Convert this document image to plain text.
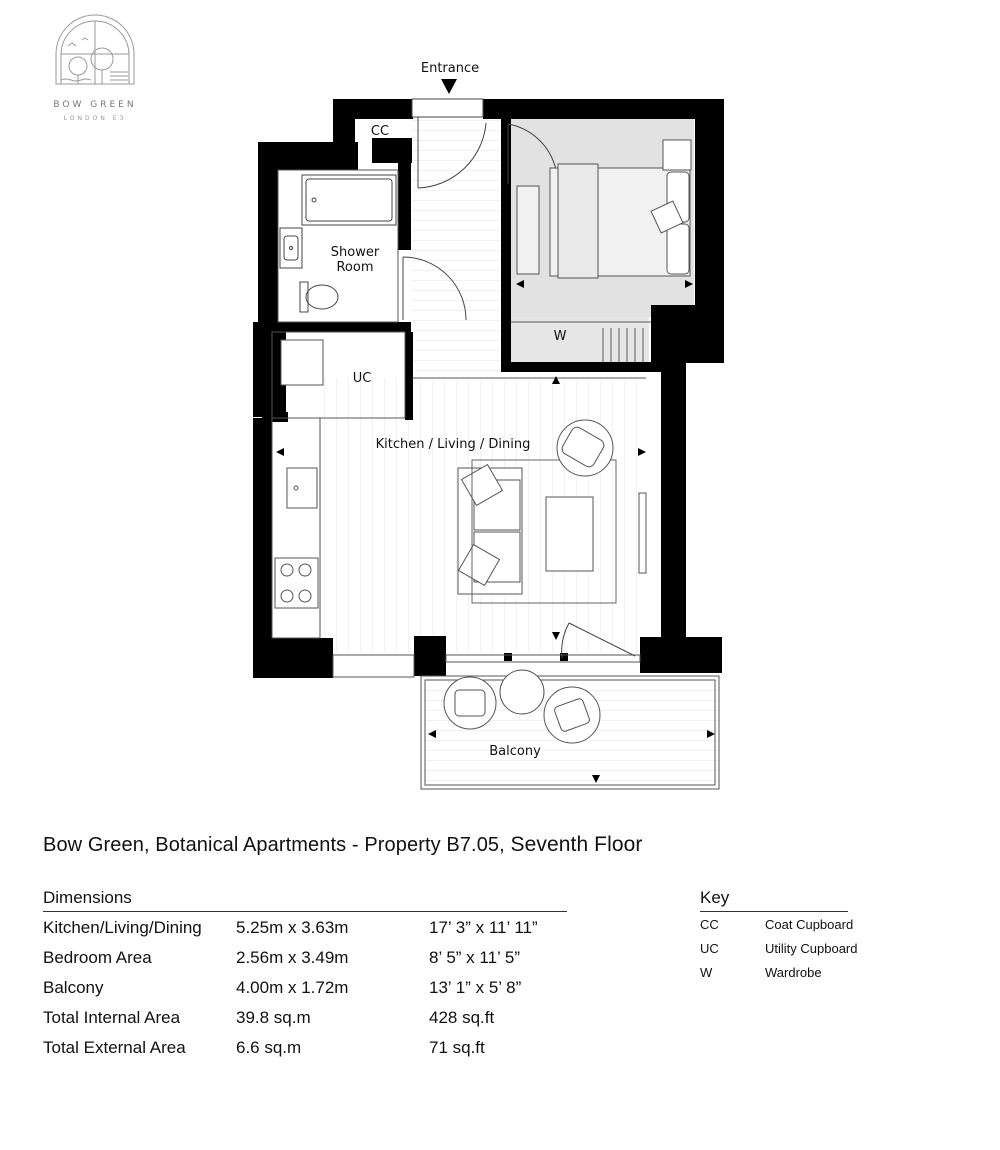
BOW GREEN
LONDON E3
Entrance
CC
Shower
Room
UC
W
Kitchen / Living / Dining
Balcony
Bow Green, Botanical Apartments - Property B7.05, Seventh Floor
Dimensions
Kitchen/Living/Dining 5.25m x 3.63m	17’ 3” x 11’ 11”
Bedroom Area	2.56m x 3.49m	8’ 5” x 11’ 5”
Balcony	4.00m x 1.72m	13’ 1” x 5’ 8”
Total Internal Area	39.8 sq.m	428 sq.ft
Total External Area	6.6 sq.m	71 sq.ft
Key
CC	Coat Cupboard
UC	Utility Cupboard
W	Wardrobe
